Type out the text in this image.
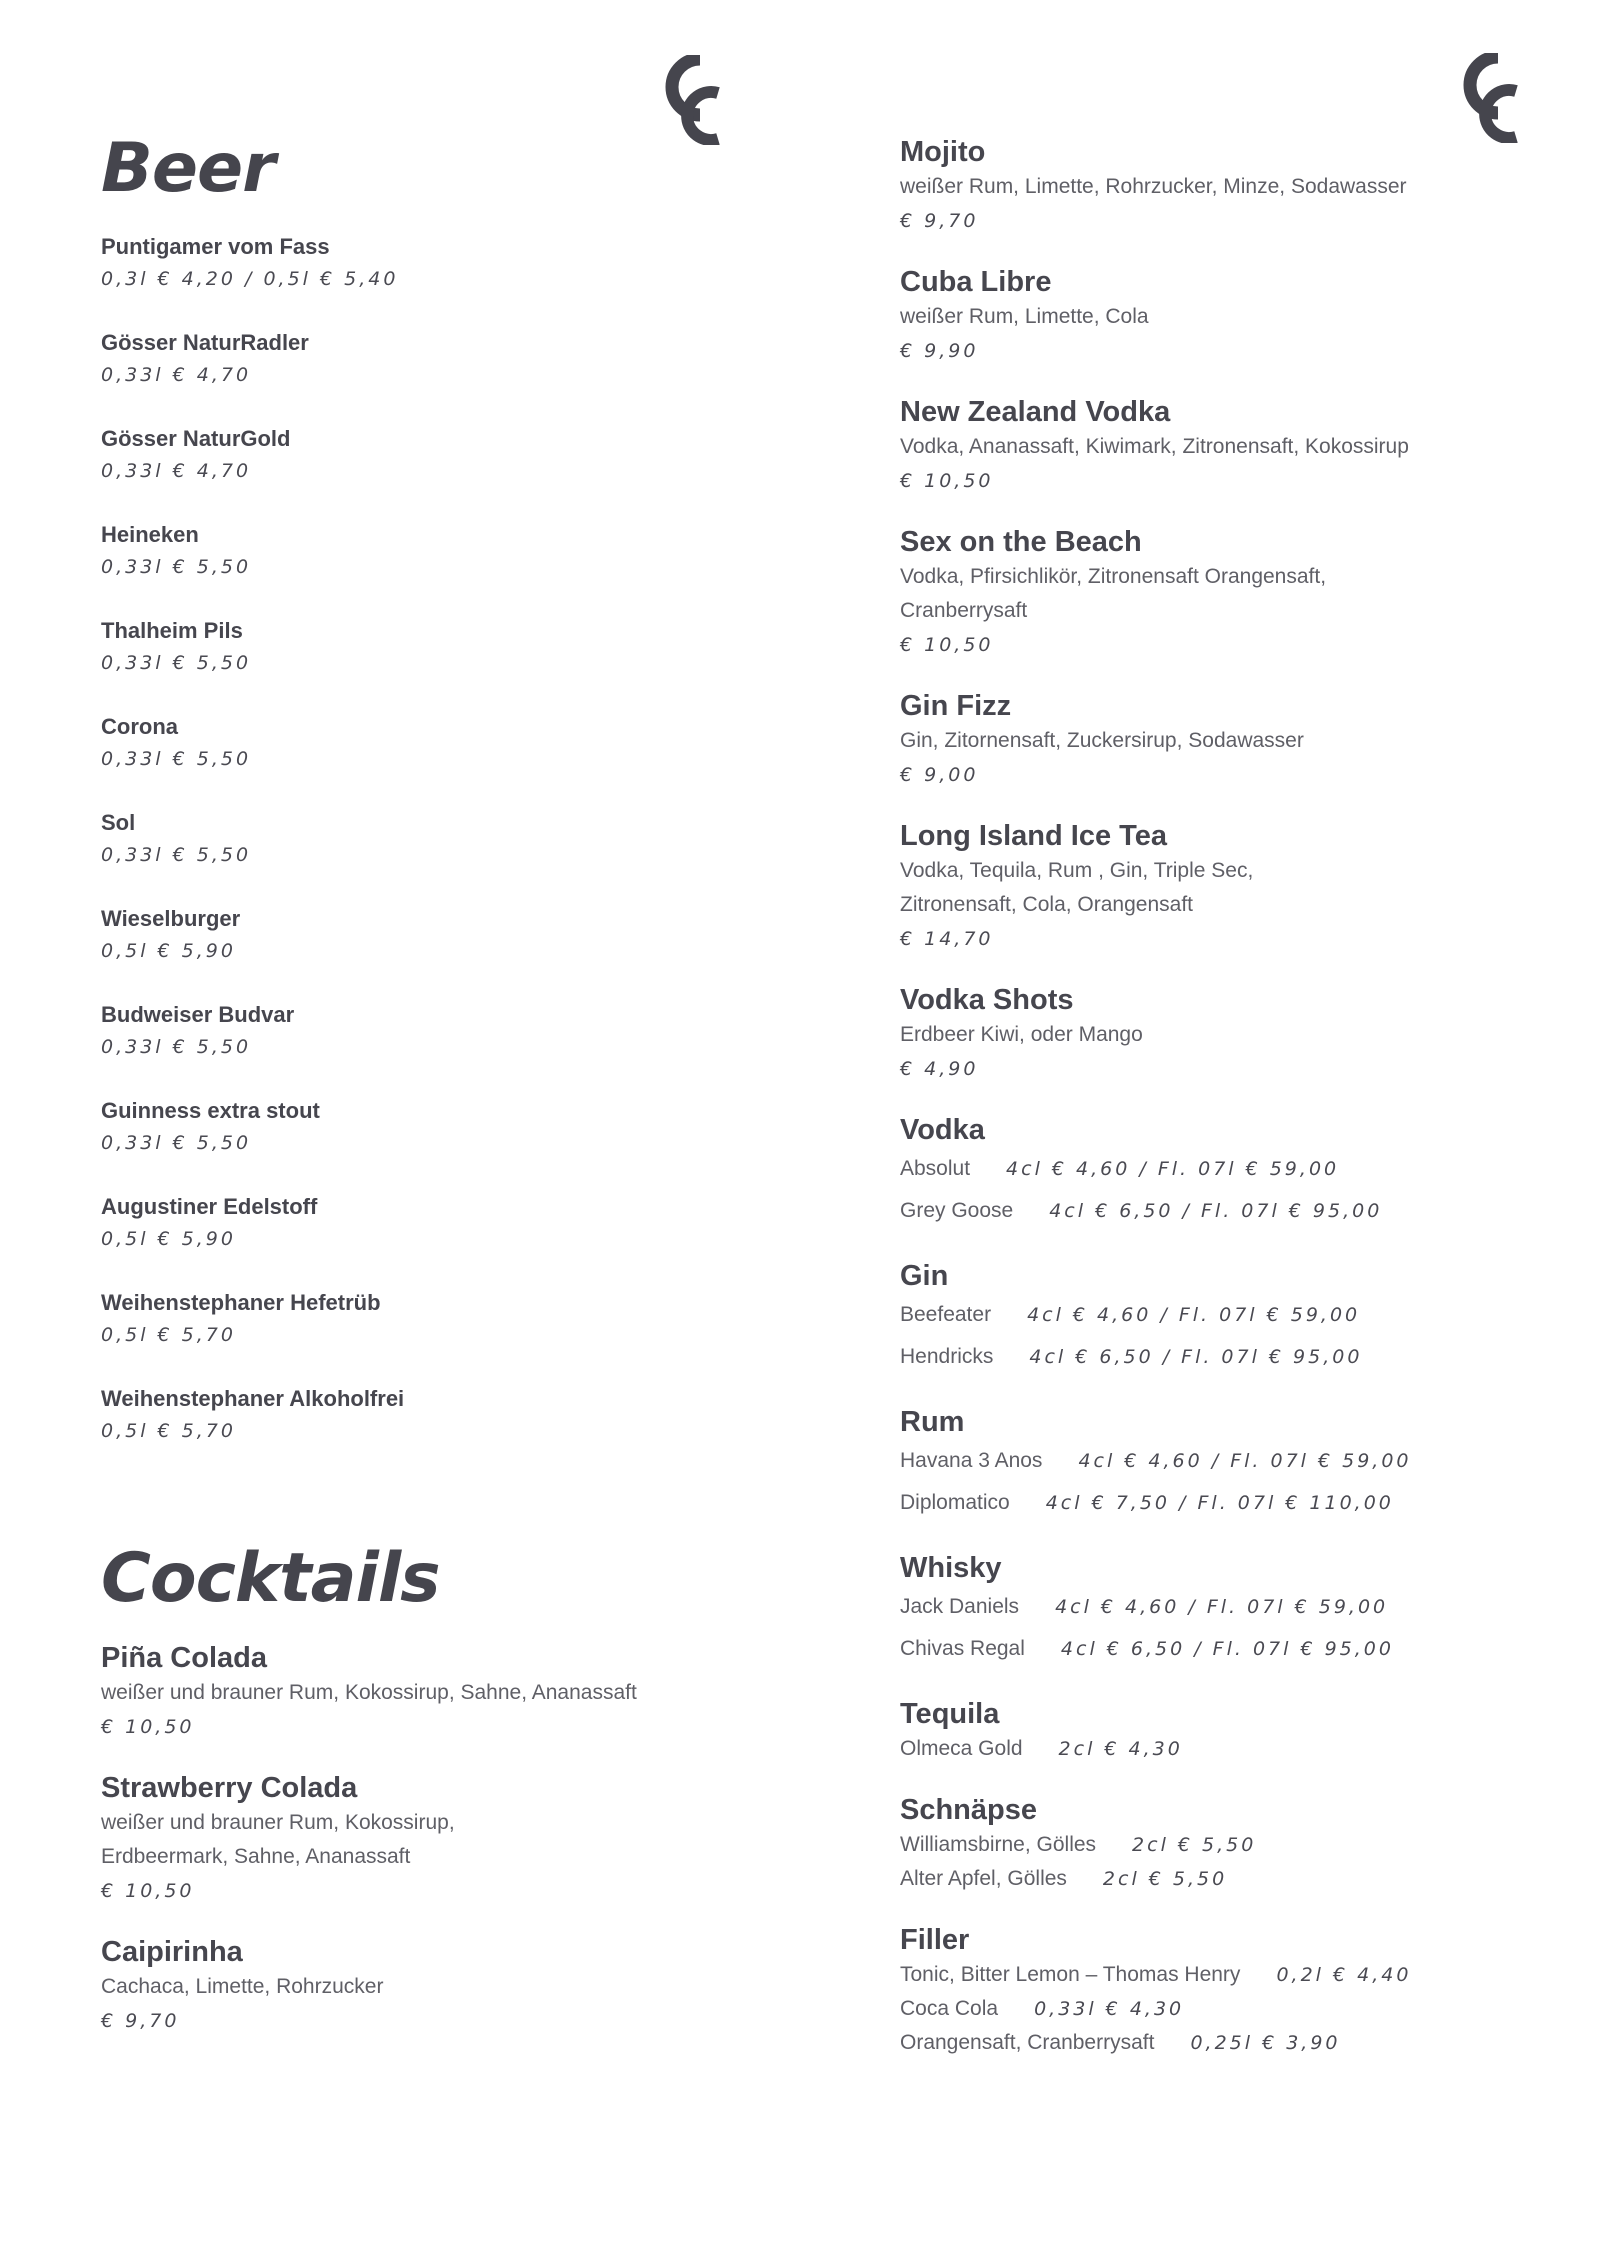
Beer
Puntigamer vom Fass
0,3l € 4,20 / 0,5l € 5,40
Gösser NaturRadler
0,33l € 4,70
Gösser NaturGold
0,33l € 4,70
Heineken
0,33l € 5,50
Thalheim Pils
0,33l € 5,50
Corona
0,33l € 5,50
Sol
0,33l € 5,50
Wieselburger
0,5l € 5,90
Budweiser Budvar
0,33l € 5,50
Guinness extra stout
0,33l € 5,50
Augustiner Edelstoff
0,5l € 5,90
Weihenstephaner Hefetrüb
0,5l € 5,70
Weihenstephaner Alkoholfrei
0,5l € 5,70
Cocktails
Piña Colada
weißer und brauner Rum, Kokossirup, Sahne, Ananassaft
€ 10,50
Strawberry Colada
weißer und brauner Rum, Kokossirup,
Erdbeermark, Sahne, Ananassaft
€ 10,50
Caipirinha
Cachaca, Limette, Rohrzucker
€ 9,70
Mojito
weißer Rum, Limette, Rohrzucker, Minze, Sodawasser
€ 9,70
Cuba Libre
weißer Rum, Limette, Cola
€ 9,90
New Zealand Vodka
Vodka, Ananassaft, Kiwimark, Zitronensaft, Kokossirup
€ 10,50
Sex on the Beach
Vodka, Pfirsichlikör, Zitronensaft Orangensaft,
Cranberrysaft
€ 10,50
Gin Fizz
Gin, Zitornensaft, Zuckersirup, Sodawasser
€ 9,00
Long Island Ice Tea
Vodka, Tequila, Rum , Gin, Triple Sec,
Zitronensaft, Cola, Orangensaft
€ 14,70
Vodka Shots
Erdbeer Kiwi, oder Mango
€ 4,90
Vodka
Absolut 4cl € 4,60 / Fl. 07l € 59,00
Grey Goose 4cl € 6,50 / Fl. 07l € 95,00
Gin
Beefeater 4cl € 4,60 / Fl. 07l € 59,00
Hendricks 4cl € 6,50 / Fl. 07l € 95,00
Rum
Havana 3 Anos 4cl € 4,60 / Fl. 07l € 59,00
Diplomatico 4cl € 7,50 / Fl. 07l € 110,00
Whisky
Jack Daniels 4cl € 4,60 / Fl. 07l € 59,00
Chivas Regal 4cl € 6,50 / Fl. 07l € 95,00
Tequila
Olmeca Gold 2cl € 4,30
Schnäpse
Williamsbirne, Gölles 2cl € 5,50
Alter Apfel, Gölles 2cl € 5,50
Filler
Tonic, Bitter Lemon – Thomas Henry 0,2l € 4,40
Coca Cola 0,33l € 4,30
Orangensaft, Cranberrysaft 0,25l € 3,90
